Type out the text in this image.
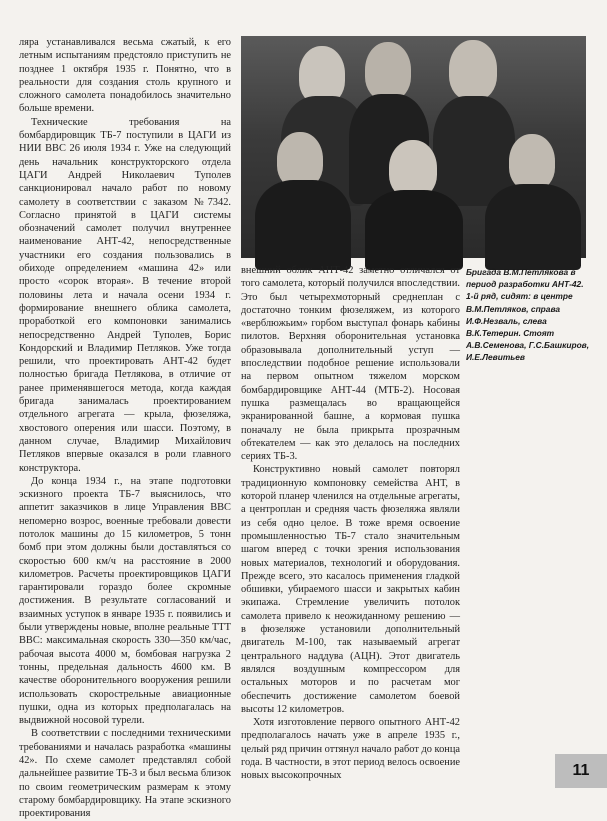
ляра устанавливался весьма сжатый, к его летным испытаниям предстояло приступить не позднее 1 октября 1935 г. Понятно, что в реальности для создания столь крупного и сложного самолета понадобилось значительно больше времени.

Технические требования на бомбардировщик ТБ-7 поступили в ЦАГИ из НИИ ВВС 26 июля 1934 г. Уже на следующий день начальник конструкторского отдела ЦАГИ Андрей Николаевич Туполев санкционировал начало работ по новому самолету в соответствии с заказом №7342. Согласно принятой в ЦАГИ системы обозначений самолет получил внутреннее наименование АНТ-42, непосредственные участники его создания пользовались в обиходе определением «машина 42» или просто «сорок вторая». В течение второй половины лета и начала осени 1934 г. формирование внешнего облика самолета, проработкой его компоновки занимались непосредственно Андрей Туполев, Борис Кондорский и Владимир Петляков. Уже тогда решили, что проектировать АНТ-42 будет полностью бригада Петлякова, в отличие от ранее применявшегося метода, когда каждая бригада занималась проектированием отдельного агрегата — крыла, фюзеляжа, хвостового оперения или шасси. Поэтому, в данном случае, Владимир Михайлович Петляков впервые оказался в роли главного конструктора.

До конца 1934 г., на этапе подготовки эскизного проекта ТБ-7 выяснилось, что аппетит заказчиков в лице Управления ВВС непомерно возрос, военные требовали довести потолок машины до 15 километров, 5 тонн бомб при этом должны были доставляться со скоростью 600 км/ч на расстояние в 2000 километров. Расчеты проектировщиков ЦАГИ гарантировали гораздо более скромные достижения. В результате согласований и взаимных уступок в январе 1935 г. появились и были утверждены новые, вполне реальные ТТТ ВВС: максимальная скорость 330—350 км/час, рабочая высота 4000 м, бомбовая нагрузка 2 тонны, предельная дальность 4600 км. В качестве оборонительного вооружения решили использовать скорострельные авиационные пушки, одна из которых предполагалась на выдвижной носовой турели.

В соответствии с последними техническими требованиями и началась разработка «машины 42». По схеме самолет представлял собой дальнейшее развитие ТБ-3 и был весьма близок по своим геометрическим размерам к этому старому бомбардировщику. На этапе эскизного проектирования

внешний облик АНТ-42 заметно отличался от того самолета, который получился впоследствии. Это был четырехмоторный среднеплан с достаточно тонким фюзеляжем, из которого «верблюжьим» горбом выступал фонарь кабины пилотов. Верхняя оборонительная установка образовывала дополнительный уступ — впоследствии подобное решение использовали на первом опытном тяжелом морском бомбардировщике АНТ-44 (МТБ-2). Носовая пушка размещалась во вращающейся экранированной башне, а кормовая пушка поначалу не была прикрыта прозрачным обтекателем — как это делалось на последних сериях ТБ-3.

Конструктивно новый самолет повторял традиционную компоновку семейства АНТ, в которой планер членился на отдельные агрегаты, а центроплан и средняя часть фюзеляжа являли из себя одно целое. В тоже время освоение промышленностью ТБ-7 стало значительным шагом вперед с точки зрения использования новых материалов, технологий и оборудования. Прежде всего, это касалось применения гладкой обшивки, убираемого шасси и закрытых кабин экипажа. Стремление увеличить потолок самолета привело к неожиданному решению — в фюзеляже установили дополнительный двигатель М-100, так называемый агрегат центрального наддува (АЦН). Этот двигатель являлся воздушным компрессором для остальных моторов и по расчетам мог обеспечить достижение самолетом боевой высоты 12 километров.

Хотя изготовление первого опытного АНТ-42 предполагалось начать уже в апреле 1935 г., целый ряд причин оттянул начало работ до конца года. В частности, в этот период велось освоение новых высокопрочных

Бригада В.М.Петлякова в период разработки АНТ-42. 1-й ряд, сидят: в центре В.М.Петляков, справа И.Ф.Незваль, слева В.К.Тетерин. Стоят А.В.Семенова, Г.С.Башкиров, И.Е.Левитьев
11
